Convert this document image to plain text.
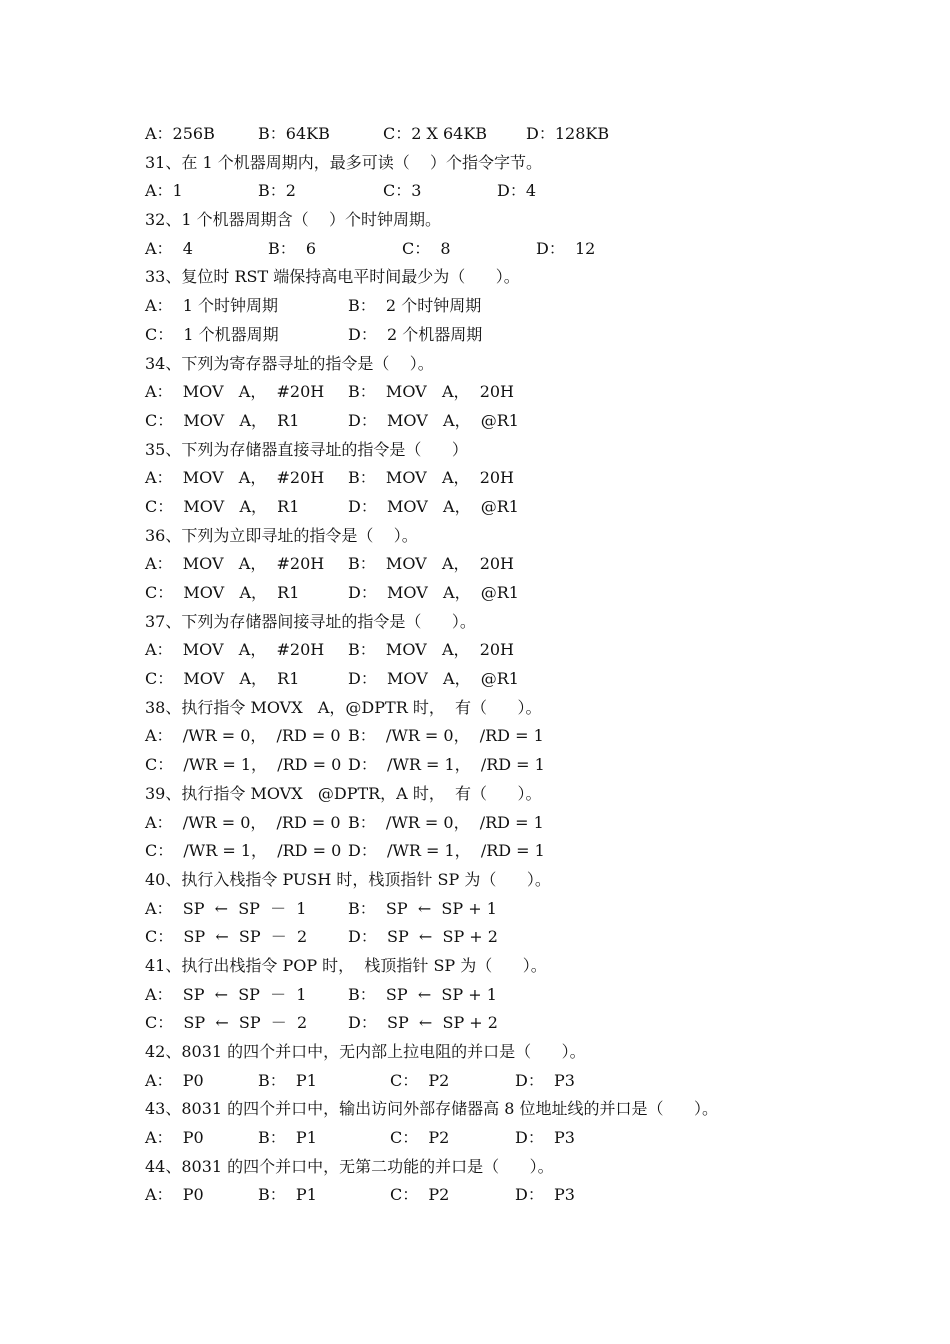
A：256B	B：64KB	C：2 X 64KB D：128KB
31、在 1 个机器周期内，最多可读（    ）个指令字节。
A：1	B：2	C：3	D：4
32、1 个机器周期含（    ）个时钟周期。
A：  4	B：  6	C：  8	D：  12
33、复位时 RST 端保持高电平时间最少为（      ）。
A：  1 个时钟周期	B：  2 个时钟周期
C：  1 个机器周期	D：  2 个机器周期
34、下列为寄存器寻址的指令是（    ）。
A：  MOV   A，  #20H B：  MOV   A，  20H
C：  MOV   A，  R1	D：  MOV   A，  @R1
35、下列为存储器直接寻址的指令是（      ）
A：  MOV   A，  #20H B：  MOV   A，  20H
C：  MOV   A，  R1	D：  MOV   A，  @R1
36、下列为立即寻址的指令是（    ）。
A：  MOV   A，  #20H B：  MOV   A，  20H
C：  MOV   A，  R1	D：  MOV   A，  @R1
37、下列为存储器间接寻址的指令是（      ）。
A：  MOV   A，  #20H B：  MOV   A，  20H
C：  MOV   A，  R1	D：  MOV   A，  @R1
38、执行指令 MOVX   A，@DPTR 时，  有（      ）。
A：  /WR = 0，  /RD = 0 B：  /WR = 0，  /RD = 1
C：  /WR = 1，  /RD = 0 D：  /WR = 1，  /RD = 1
39、执行指令 MOVX   @DPTR，A 时，  有（      ）。
A：  /WR = 0，  /RD = 0 B：  /WR = 0，  /RD = 1
C：  /WR = 1，  /RD = 0 D：  /WR = 1，  /RD = 1
40、执行入栈指令 PUSH 时，栈顶指针 SP 为（      ）。
A：  SP  ←  SP  －  1	B：  SP  ←  SP + 1
C：  SP  ←  SP  －  2	D：  SP  ←  SP + 2
41、执行出栈指令 POP 时，  栈顶指针 SP 为（      ）。
A：  SP  ←  SP  －  1	B：  SP  ←  SP + 1
C：  SP  ←  SP  －  2	D：  SP  ←  SP + 2
42、8031 的四个并口中，无内部上拉电阻的并口是（      ）。
A：  P0	B：  P1	C：  P2	D：  P3
43、8031 的四个并口中，输出访问外部存储器高 8 位地址线的并口是（      ）。
A：  P0	B：  P1	C：  P2	D：  P3
44、8031 的四个并口中，无第二功能的并口是（      ）。
A：  P0	B：  P1	C：  P2	D：  P3
